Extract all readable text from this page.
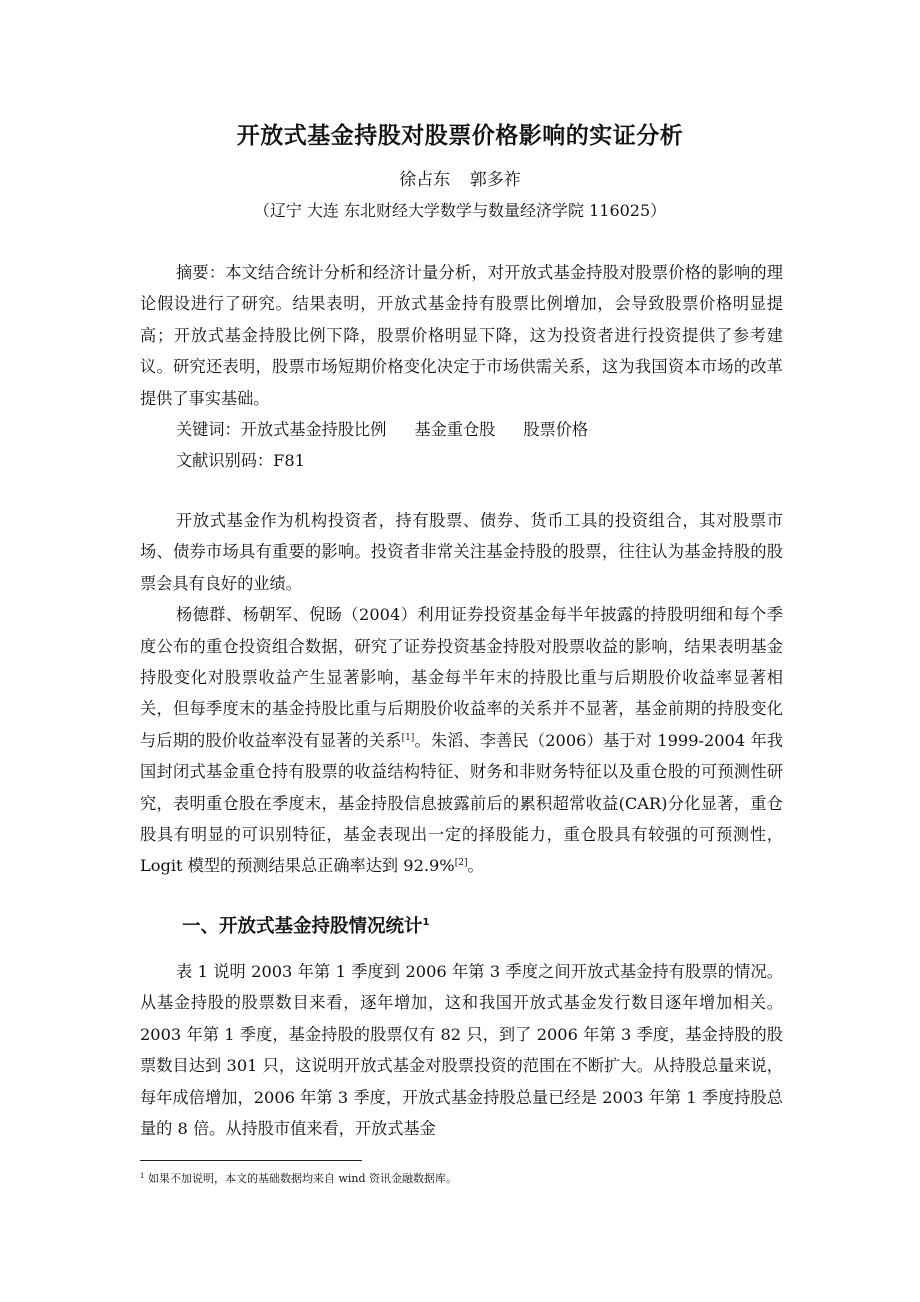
开放式基金持股对股票价格影响的实证分析
徐占东 郭多祚
（辽宁 大连 东北财经大学数学与数量经济学院 116025）

摘要：本文结合统计分析和经济计量分析，对开放式基金持股对股票价格的影响的理论假设进行了研究。结果表明，开放式基金持有股票比例增加，会导致股票价格明显提高；开放式基金持股比例下降，股票价格明显下降，这为投资者进行投资提供了参考建议。研究还表明，股票市场短期价格变化决定于市场供需关系，这为我国资本市场的改革提供了事实基础。

关键词：开放式基金持股比例 基金重仓股 股票价格

文献识别码：F81

开放式基金作为机构投资者，持有股票、债券、货币工具的投资组合，其对股票市场、债券市场具有重要的影响。投资者非常关注基金持股的股票，往往认为基金持股的股票会具有良好的业绩。

杨德群、杨朝军、倪旸（2004）利用证券投资基金每半年披露的持股明细和每个季度公布的重仓投资组合数据，研究了证券投资基金持股对股票收益的影响，结果表明基金持股变化对股票收益产生显著影响，基金每半年末的持股比重与后期股价收益率显著相关，但每季度末的基金持股比重与后期股价收益率的关系并不显著，基金前期的持股变化与后期的股价收益率没有显著的关系[1]。朱滔、李善民（2006）基于对 1999-2004 年我国封闭式基金重仓持有股票的收益结构特征、财务和非财务特征以及重仓股的可预测性研究，表明重仓股在季度末，基金持股信息披露前后的累积超常收益(CAR)分化显著，重仓股具有明显的可识别特征，基金表现出一定的择股能力，重仓股具有较强的可预测性，Logit 模型的预测结果总正确率达到 92.9%[2]。

一、开放式基金持股情况统计$^1$

表 1 说明 2003 年第 1 季度到 2006 年第 3 季度之间开放式基金持有股票的情况。从基金持股的股票数目来看，逐年增加，这和我国开放式基金发行数目逐年增加相关。2003 年第 1 季度，基金持股的股票仅有 82 只，到了 2006 年第 3 季度，基金持股的股票数目达到 301 只，这说明开放式基金对股票投资的范围在不断扩大。从持股总量来说，每年成倍增加，2006 年第 3 季度，开放式基金持股总量已经是 2003 年第 1 季度持股总量的 8 倍。从持股市值来看，开放式基金

$^1$ 如果不加说明，本文的基础数据均来自 wind 资讯金融数据库。
